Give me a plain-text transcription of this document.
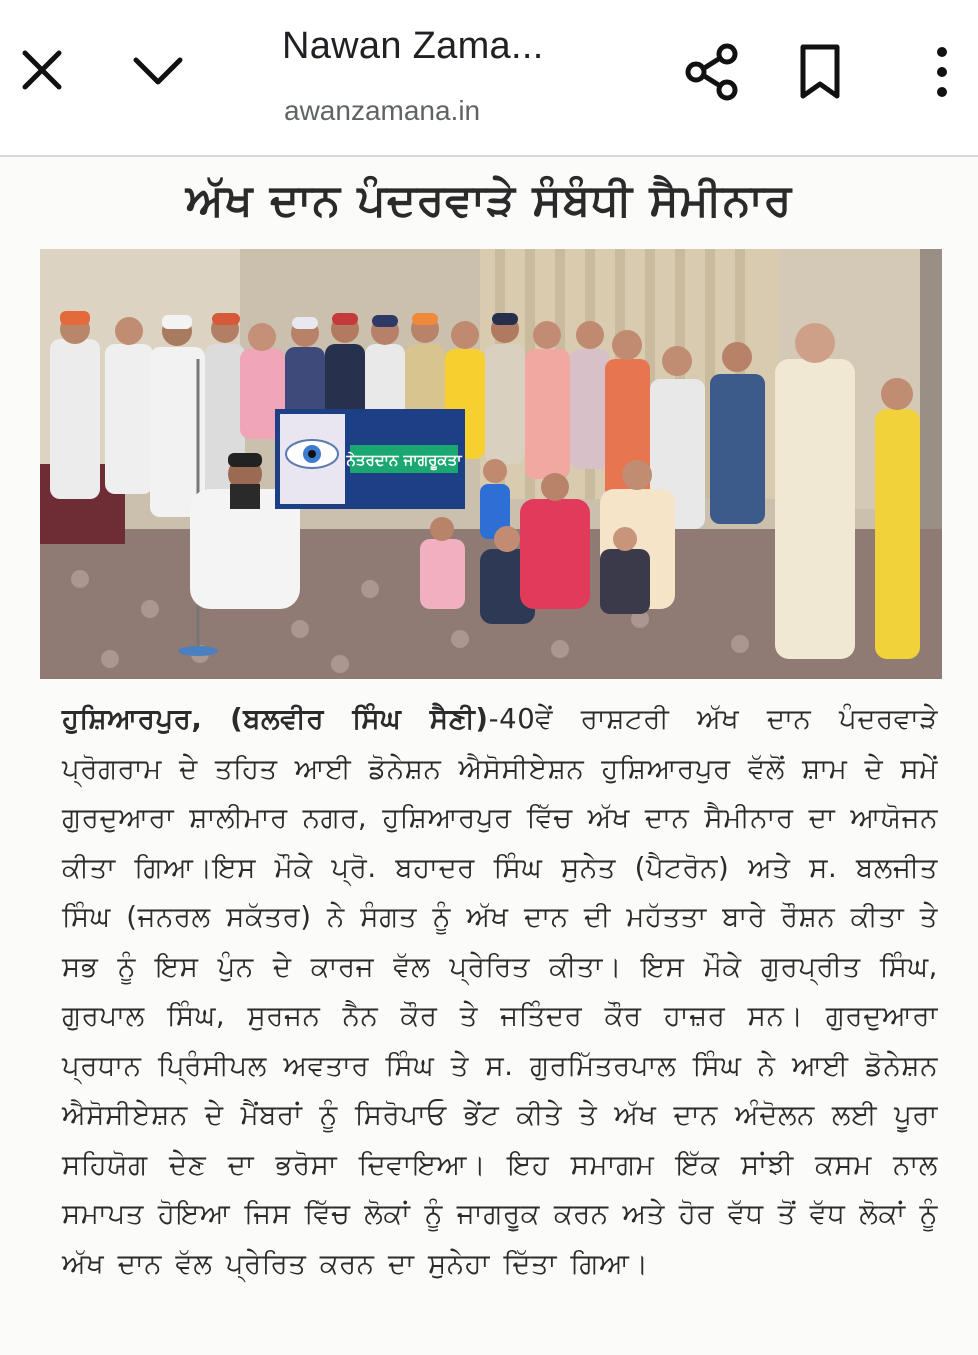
Nawan Zama...
awanzamana.in
ਅੱਖ ਦਾਨ ਪੰਦਰਵਾੜੇ ਸੰਬੰਧੀ ਸੈਮੀਨਾਰ
ਨੇਤਰਦਾਨ ਜਾਗਰੂਕਤਾ
ਹੁਸ਼ਿਆਰਪੁਰ, (ਬਲਵੀਰ ਸਿੰਘ ਸੈਣੀ)-40ਵੇਂ ਰਾਸ਼ਟਰੀ ਅੱਖ ਦਾਨ ਪੰਦਰਵਾੜੇ ਪ੍ਰੋਗਰਾਮ ਦੇ ਤਹਿਤ ਆਈ ਡੋਨੇਸ਼ਨ ਐਸੋਸੀਏਸ਼ਨ ਹੁਸ਼ਿਆਰਪੁਰ ਵੱਲੋਂ ਸ਼ਾਮ ਦੇ ਸਮੇਂ ਗੁਰਦੁਆਰਾ ਸ਼ਾਲੀਮਾਰ ਨਗਰ, ਹੁਸ਼ਿਆਰਪੁਰ ਵਿੱਚ ਅੱਖ ਦਾਨ ਸੈਮੀਨਾਰ ਦਾ ਆਯੋਜਨ ਕੀਤਾ ਗਿਆ।ਇਸ ਮੌਕੇ ਪ੍ਰੋ. ਬਹਾਦਰ ਸਿੰਘ ਸੁਨੇਤ (ਪੈਟਰੋਨ) ਅਤੇ ਸ. ਬਲਜੀਤ ਸਿੰਘ (ਜਨਰਲ ਸਕੱਤਰ) ਨੇ ਸੰਗਤ ਨੂੰ ਅੱਖ ਦਾਨ ਦੀ ਮਹੱਤਤਾ ਬਾਰੇ ਰੌਸ਼ਨ ਕੀਤਾ ਤੇ ਸਭ ਨੂੰ ਇਸ ਪੁੰਨ ਦੇ ਕਾਰਜ ਵੱਲ ਪ੍ਰੇਰਿਤ ਕੀਤਾ। ਇਸ ਮੌਕੇ ਗੁਰਪ੍ਰੀਤ ਸਿੰਘ, ਗੁਰਪਾਲ ਸਿੰਘ, ਸੁਰਜਨ ਨੈਨ ਕੌਰ ਤੇ ਜਤਿੰਦਰ ਕੌਰ ਹਾਜ਼ਰ ਸਨ। ਗੁਰਦੁਆਰਾ ਪ੍ਰਧਾਨ ਪ੍ਰਿੰਸੀਪਲ ਅਵਤਾਰ ਸਿੰਘ ਤੇ ਸ. ਗੁਰਮਿੱਤਰਪਾਲ ਸਿੰਘ ਨੇ ਆਈ ਡੋਨੇਸ਼ਨ ਐਸੋਸੀਏਸ਼ਨ ਦੇ ਮੈਂਬਰਾਂ ਨੂੰ ਸਿਰੋਪਾਓ ਭੇਂਟ ਕੀਤੇ ਤੇ ਅੱਖ ਦਾਨ ਅੰਦੋਲਨ ਲਈ ਪੂਰਾ ਸਹਿਯੋਗ ਦੇਣ ਦਾ ਭਰੋਸਾ ਦਿਵਾਇਆ। ਇਹ ਸਮਾਗਮ ਇੱਕ ਸਾਂਝੀ ਕਸਮ ਨਾਲ ਸਮਾਪਤ ਹੋਇਆ ਜਿਸ ਵਿੱਚ ਲੋਕਾਂ ਨੂੰ ਜਾਗਰੂਕ ਕਰਨ ਅਤੇ ਹੋਰ ਵੱਧ ਤੋਂ ਵੱਧ ਲੋਕਾਂ ਨੂੰ ਅੱਖ ਦਾਨ ਵੱਲ ਪ੍ਰੇਰਿਤ ਕਰਨ ਦਾ ਸੁਨੇਹਾ ਦਿੱਤਾ ਗਿਆ।
